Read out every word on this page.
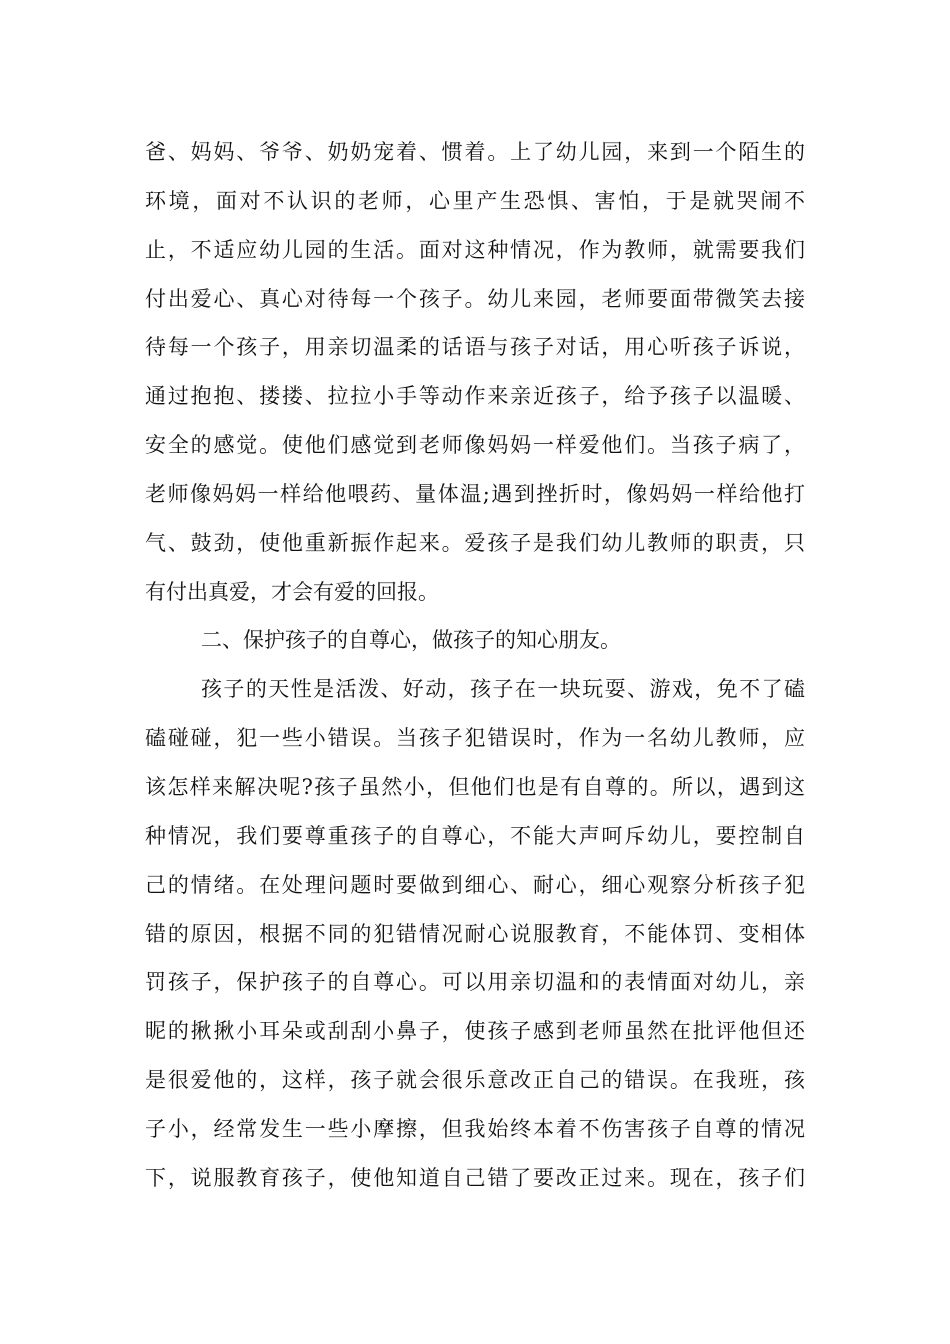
爸、妈妈、爷爷、奶奶宠着、惯着。上了幼儿园，来到一个陌生的
环境，面对不认识的老师，心里产生恐惧、害怕，于是就哭闹不
止，不适应幼儿园的生活。面对这种情况，作为教师，就需要我们
付出爱心、真心对待每一个孩子。幼儿来园，老师要面带微笑去接
待每一个孩子，用亲切温柔的话语与孩子对话，用心听孩子诉说，
通过抱抱、搂搂、拉拉小手等动作来亲近孩子，给予孩子以温暖、
安全的感觉。使他们感觉到老师像妈妈一样爱他们。当孩子病了，
老师像妈妈一样给他喂药、量体温;遇到挫折时，像妈妈一样给他打
气、鼓劲，使他重新振作起来。爱孩子是我们幼儿教师的职责，只
有付出真爱，才会有爱的回报。
二、保护孩子的自尊心，做孩子的知心朋友。
孩子的天性是活泼、好动，孩子在一块玩耍、游戏，免不了磕
磕碰碰，犯一些小错误。当孩子犯错误时，作为一名幼儿教师，应
该怎样来解决呢?孩子虽然小，但他们也是有自尊的。所以，遇到这
种情况，我们要尊重孩子的自尊心，不能大声呵斥幼儿，要控制自
己的情绪。在处理问题时要做到细心、耐心，细心观察分析孩子犯
错的原因，根据不同的犯错情况耐心说服教育，不能体罚、变相体
罚孩子，保护孩子的自尊心。可以用亲切温和的表情面对幼儿，亲
昵的揪揪小耳朵或刮刮小鼻子，使孩子感到老师虽然在批评他但还
是很爱他的，这样，孩子就会很乐意改正自己的错误。在我班，孩
子小，经常发生一些小摩擦，但我始终本着不伤害孩子自尊的情况
下，说服教育孩子，使他知道自己错了要改正过来。现在，孩子们
